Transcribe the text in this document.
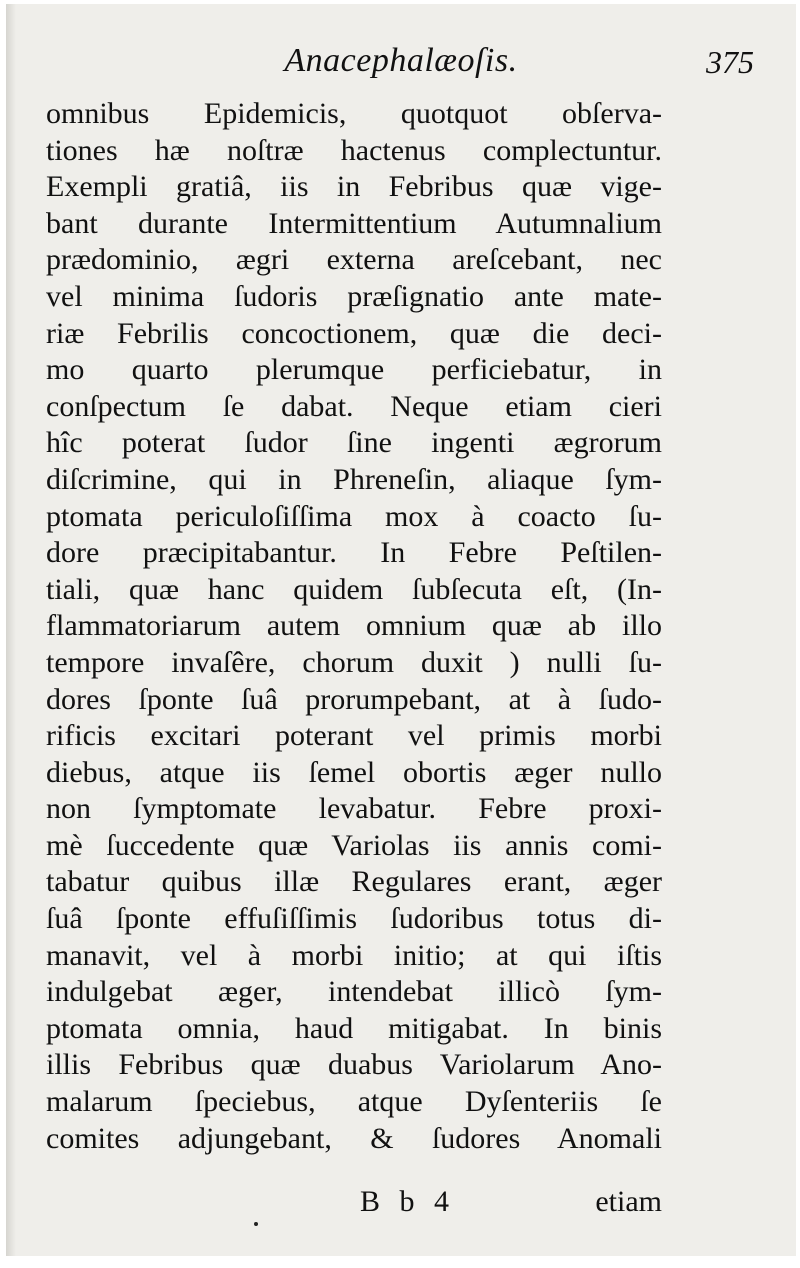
Anacephalæoſis.	375
omnibus Epidemicis, quotquot obſerva-
tiones hæ noſtræ hactenus complectuntur.
Exempli gratiâ, iis in Febribus quæ vige-
bant durante Intermittentium Autumnalium
prædominio, ægri externa areſcebant, nec
vel minima ſudoris præſignatio ante mate-
riæ Febrilis concoctionem, quæ die deci-
mo quarto plerumque perficiebatur, in
conſpectum ſe dabat. Neque etiam cieri
hîc poterat ſudor ſine ingenti ægrorum
diſcrimine, qui in Phreneſin, aliaque ſym-
ptomata periculoſiſſima mox à coacto ſu-
dore præcipitabantur. In Febre Peſtilen-
tiali, quæ hanc quidem ſubſecuta eſt, (In-
flammatoriarum autem omnium quæ ab illo
tempore invaſêre, chorum duxit ) nulli ſu-
dores ſponte ſuâ prorumpebant, at à ſudo-
rificis excitari poterant vel primis morbi
diebus, atque iis ſemel obortis æger nullo
non ſymptomate levabatur. Febre proxi-
mè ſuccedente quæ Variolas iis annis comi-
tabatur quibus illæ Regulares erant, æger
ſuâ ſponte effuſiſſimis ſudoribus totus di-
manavit, vel à morbi initio; at qui iſtis
indulgebat æger, intendebat illicò ſym-
ptomata omnia, haud mitigabat. In binis
illis Febribus quæ duabus Variolarum Ano-
malarum ſpeciebus, atque Dyſenteriis ſe
comites adjungebant, & ſudores Anomali
B b 4	etiam
